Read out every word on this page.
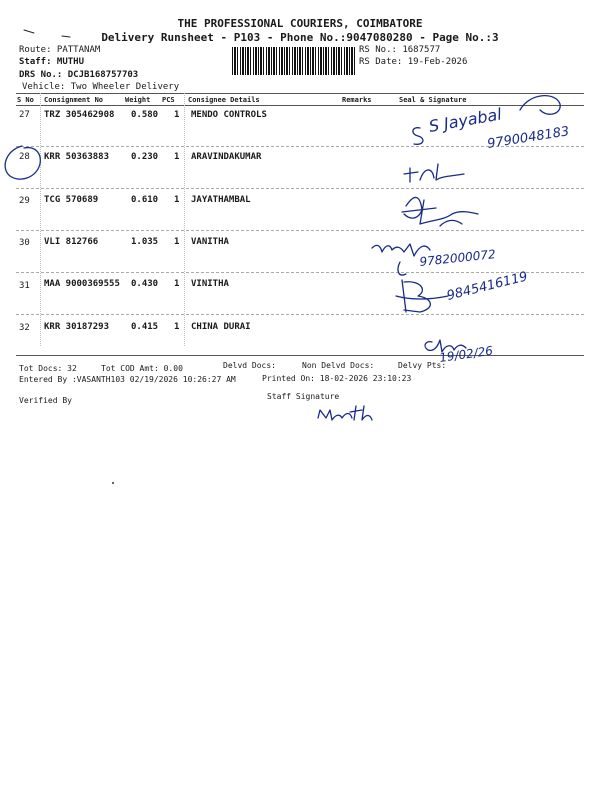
THE PROFESSIONAL COURIERS, COIMBATORE
Delivery Runsheet - P103 - Phone No.:9047080280 - Page No.:3
Route: PATTANAM
Staff: MUTHU
DRS No.: DCJB168757703
Vehicle: Two Wheeler Delivery
RS No.: 1687577
RS Date: 19-Feb-2026
S No Consignment No	Weight PCS Consignee Details	Remarks	Seal & Signature
27 TRZ 305462908 0.580 1 MENDO CONTROLS
28 KRR 50363883 0.230 1 ARAVINDAKUMAR
29 TCG 570689	0.610 1 JAYATHAMBAL
30 VLI 812766	1.035 1 VANITHA
31 MAA 9000369555 0.430 1 VINITHA
32 KRR 30187293 0.415 1 CHINA DURAI
Tot Docs: 32	Tot COD Amt: 0.00	Delvd Docs:	Non Delvd Docs:	Delvy Pts:
Entered By :VASANTH103 02/19/2026 10:26:27 AM	Printed On: 18-02-2026 23:10:23
Verified By	Staff Signature
S Jayabal
9790048183
9782000072
9845416119
19/02/26
